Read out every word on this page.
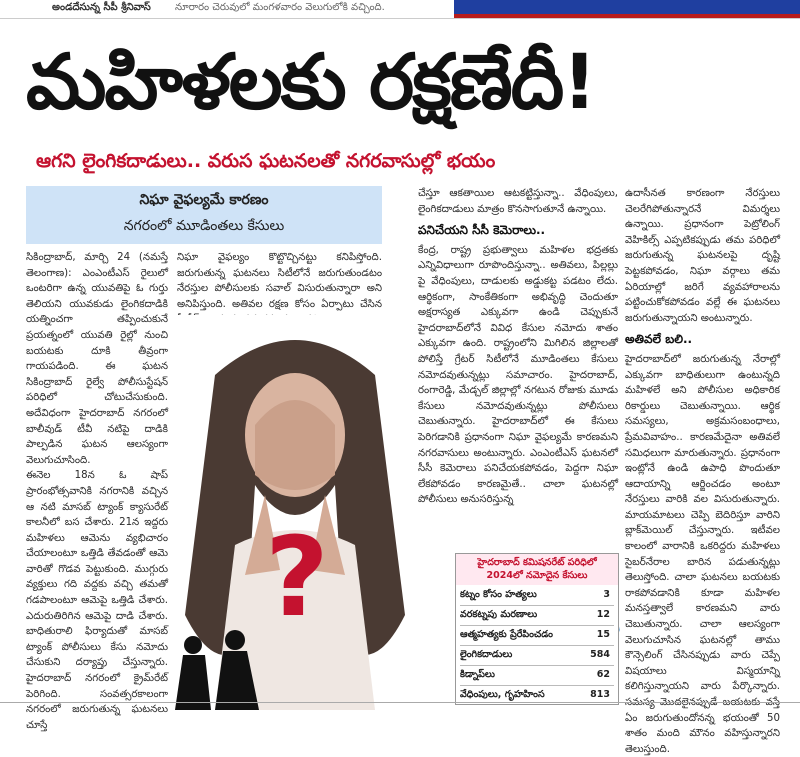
అండదేసున్న సీపీ శ్రీనివాస్ నూరారం చెరువులో మంగళవారం వెలుగులోకి వచ్చింది.
మహిళలకు రక్షణేదీ!
ఆగని లైంగికదాడులు.. వరుస ఘటనలతో నగరవాసుల్లో భయం
నిఘా వైఫల్యమే కారణం
నగరంలో మూడింతలు కేసులు

సికింద్రాబాద్‌, మార్చి 24 (నమస్తే తెలంగాణ): ఎంఎంటీఎస్‌ రైలులో ఒంటరిగా ఉన్న యువతిపై ఓ గుర్తు తెలియని యువకుడు లైంగికదాడికి యత్నించగా తప్పించుకునే ప్రయత్నంలో యువతి రైల్లో నుంచి బయటకు దూకి తీవ్రంగా గాయపడింది. ఈ ఘటన సికింద్రాబాద్‌ రైల్వే పోలీసుస్టేషన్‌ పరిధిలో చోటుచేసుకుంది. అదేవిధంగా హైదరాబాద్‌ నగరంలో బాలీవుడ్‌ టీవీ నటిపై దాడికి పాల్పడిన ఘటన ఆలస్యంగా వెలుగుచూసింది.

ఈనెల 18న ఓ షాప్‌ ప్రారంభోత్సవానికి నగరానికి వచ్చిన ఆ నటి మాసబ్‌ ట్యాంక్‌ క్యాసురేట్‌ కాలనీలో బస చేశారు. 21న ఇద్దరు మహిళలు ఆమెను వ్యభిచారం చేయాలంటూ ఒత్తిడి తేవడంతో ఆమె వారితో గొడవ పెట్టుకుంది. ముగ్గురు వ్యక్తులు గది వద్దకు వచ్చి తమతో గడపాలంటూ ఆమెపై ఒత్తిడి చేశారు. ఎదురుతిరిగిన ఆమెపై దాడి చేశారు. బాధితురాలి ఫిర్యాదుతో మాసబ్‌ ట్యాంక్‌ పోలీసులు కేసు నమోదు చేసుకుని దర్యాప్తు చేస్తున్నారు. హైదరాబాద్‌ నగరంలో క్రైమ్‌రేట్‌ పెరిగింది. సంవత్సరకాలంగా నగరంలో జరుగుతున్న ఘటనలు చూస్తే

నిఘా వైఫల్యం కొట్టొచ్చినట్టు కనిపిస్తోంది. జరుగుతున్న ఘటనలు సిటీలోనే జరుగుతుండటం నేరస్తుల పోలీసులకు సవాల్‌ విసురుతున్నారా అని అనిపిస్తుంది. అతివల రక్షణ కోసం ఏర్పాటు చేసిన

?

చేస్తూ ఆకతాయిల ఆటకట్టిస్తున్నా.. వేధింపులు, లైంగికదాడులు మాత్రం కొనసాగుతూనే ఉన్నాయి.

పనిచేయని సీసీ కెమెరాలు..

కేంద్ర, రాష్ట్ర ప్రభుత్వాలు మహిళల భద్రతకు ఎన్నివిధాలుగా రూపొందిస్తున్నా.. అతివలు, పిల్లల్లు పై వేధింపులు, దాడులకు అడ్డుకట్ట పడటం లేదు. ఆర్థికంగా, సాంకేతికంగా అభివృద్ధి చెందుతూ అక్షరాస్యత ఎక్కువగా ఉండి చెప్పుకునే హైదరాబాద్‌లోనే వివిధ కేసుల నమోదు శాతం ఎక్కువగా ఉంది. రాష్ట్రంలోని మిగిలిన జిల్లాలతో పోలిస్తే గ్రేటర్‌ సిటీలోనే మూడింతలు కేసులు నమోదవుతున్నట్లు సమాచారం. హైదరాబాద్‌, రంగారెడ్డి, మేడ్చల్‌ జిల్లాల్లో నగటున రోజుకు మూడు కేసులు నమోదవుతున్నట్లు పోలీసులు చెబుతున్నారు. హైదరాబాద్‌లో ఈ కేసులు పెరిగడానికి ప్రధానంగా నిఘా వైఫల్యమే కారణమని నగరవాసులు అంటున్నారు. ఎంఎంటీఎస్‌ ఘటనలో సీసీ కెమెరాలు పనిచేయకపోవడం, పెద్దగా నిఘా లేకపోవడం కారణమైతే.. చాలా ఘటనల్లో పోలీసులు అనుసరిస్తున్న

ఉదాసీనత కారణంగా నేరస్తులు చెలరేగిపోతున్నారనే విమర్శలు ఉన్నాయి. ప్రధానంగా పెట్రోలింగ్‌ వెహికిల్స్‌ ఎప్పటికప్పుడు తమ పరిధిలో జరుగుతున్న ఘటనలపై దృష్టి పెట్టకపోవడం, నిఘా వర్గాలు తమ ఏరియాల్లో జరిగే వ్యవహారాలను పట్టించుకోకపోవడం వల్లే ఈ ఘటనలు జరుగుతున్నాయని అంటున్నారు.

అతివలే బలి..

హైదరాబాద్‌లో జరుగుతున్న నేరాల్లో ఎక్కువగా బాధితులుగా ఉంటున్నది మహిళలే అని పోలీసుల అధికారిక రికార్డులు చెబుతున్నాయి. ఆర్థిక సమస్యలు, అక్రమసంబంధాలు, ప్రేమవివాహం.. కారణమేదైనా అతివలే సమిధలుగా మారుతున్నారు. ప్రధానంగా ఇంట్లోనే ఉండి ఉపాధి పొందుతూ ఆదాయాన్ని ఆర్జించడం అంటూ నేరస్తులు వారికి వల విసురుతున్నారు. మాయమాటలు చెప్పి బెదిరిస్తూ వారిని బ్లాక్‌మెయిల్‌ చేస్తున్నారు. ఇటీవల కాలంలో వారానికి ఒకరిద్దరు మహిళలు సైబర్‌నేరాల బారిన పడుతున్నట్లు తెలుస్తోంది. చాలా ఘటనలు బయటకు రాకపోవడానికి కూడా మహిళల మనస్తత్వాలే కారణమని వారు చెబుతున్నారు. చాలా ఆలస్యంగా వెలుగుచూసిన ఘటనల్లో తాము కౌన్సెలింగ్‌ చేసినప్పుడు వారు చెప్పే విషయాలు విస్మయాన్ని కలిగిస్తున్నాయని వారు పేర్కొన్నారు. సమస్య మొదలైనప్పుడే బయటకు వస్తే ఏం జరుగుతుందోనన్న భయంతో 50 శాతం మంది మౌనం వహిస్తున్నారని తెలుస్తుంది.

హైదరాబాద్‌ కమిషనరేట్‌ పరిధిలో
2024లో నమోదైన కేసులు
కట్నం కోసం హత్యలు	3
వరకట్నపు మరణాలు	12
ఆత్మహత్యకు ప్రేరేపించడం	15
లైంగికదాడులు	584
కిడ్నాప్‌లు	62
వేధింపులు, గృహహింస	813
